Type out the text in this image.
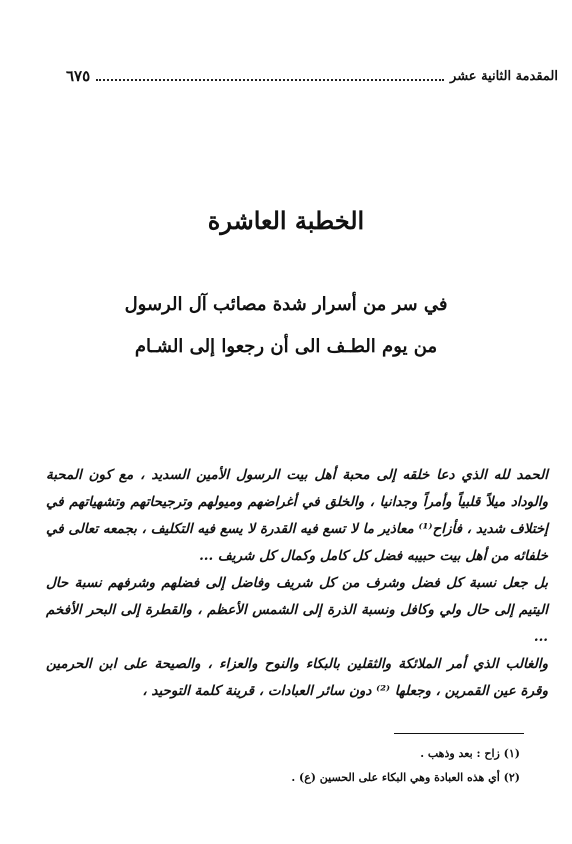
المقدمة الثانية عشر
٦٧٥
الخطبة العاشرة
في سر من أسرار شدة مصائب آل الرسول
من يوم الطـف الى أن رجعوا إلى الشـام

الحمد لله الذي دعا خلقه إلى محبة أهل بيت الرسول الأمين السديد ، مع كون المحبة والوداد ميلاً قلبياً وأمراً وجدانيا ، والخلق في أغراضهم وميولهم وترجيحاتهم وتشهياتهم في إختلاف شديد ، فأزاح⁽¹⁾ معاذير ما لا تسع فيه القدرة لا يسع فيه التكليف ، بجمعه تعالى في خلفائه من أهل بيت حبيبه فضل كل كامل وكمال كل شريف ...

بل جعل نسبة كل فضل وشرف من كل شريف وفاضل إلى فضلهم وشرفهم نسبة حال اليتيم إلى حال ولي وكافل ونسبة الذرة إلى الشمس الأعظم ، والقطرة إلى البحر الأفخم ...

والغالب الذي أمر الملائكة والثقلين بالبكاء والنوح والعزاء ، والصيحة على ابن الحرمين وقرة عين القمرين ، وجعلها ⁽²⁾ دون سائر العبادات ، قرينة كلمة التوحيد ،

(١) زاح : بعد وذهب .

(٢) أي هذه العبادة وهي البكاء على الحسين (ع) .
